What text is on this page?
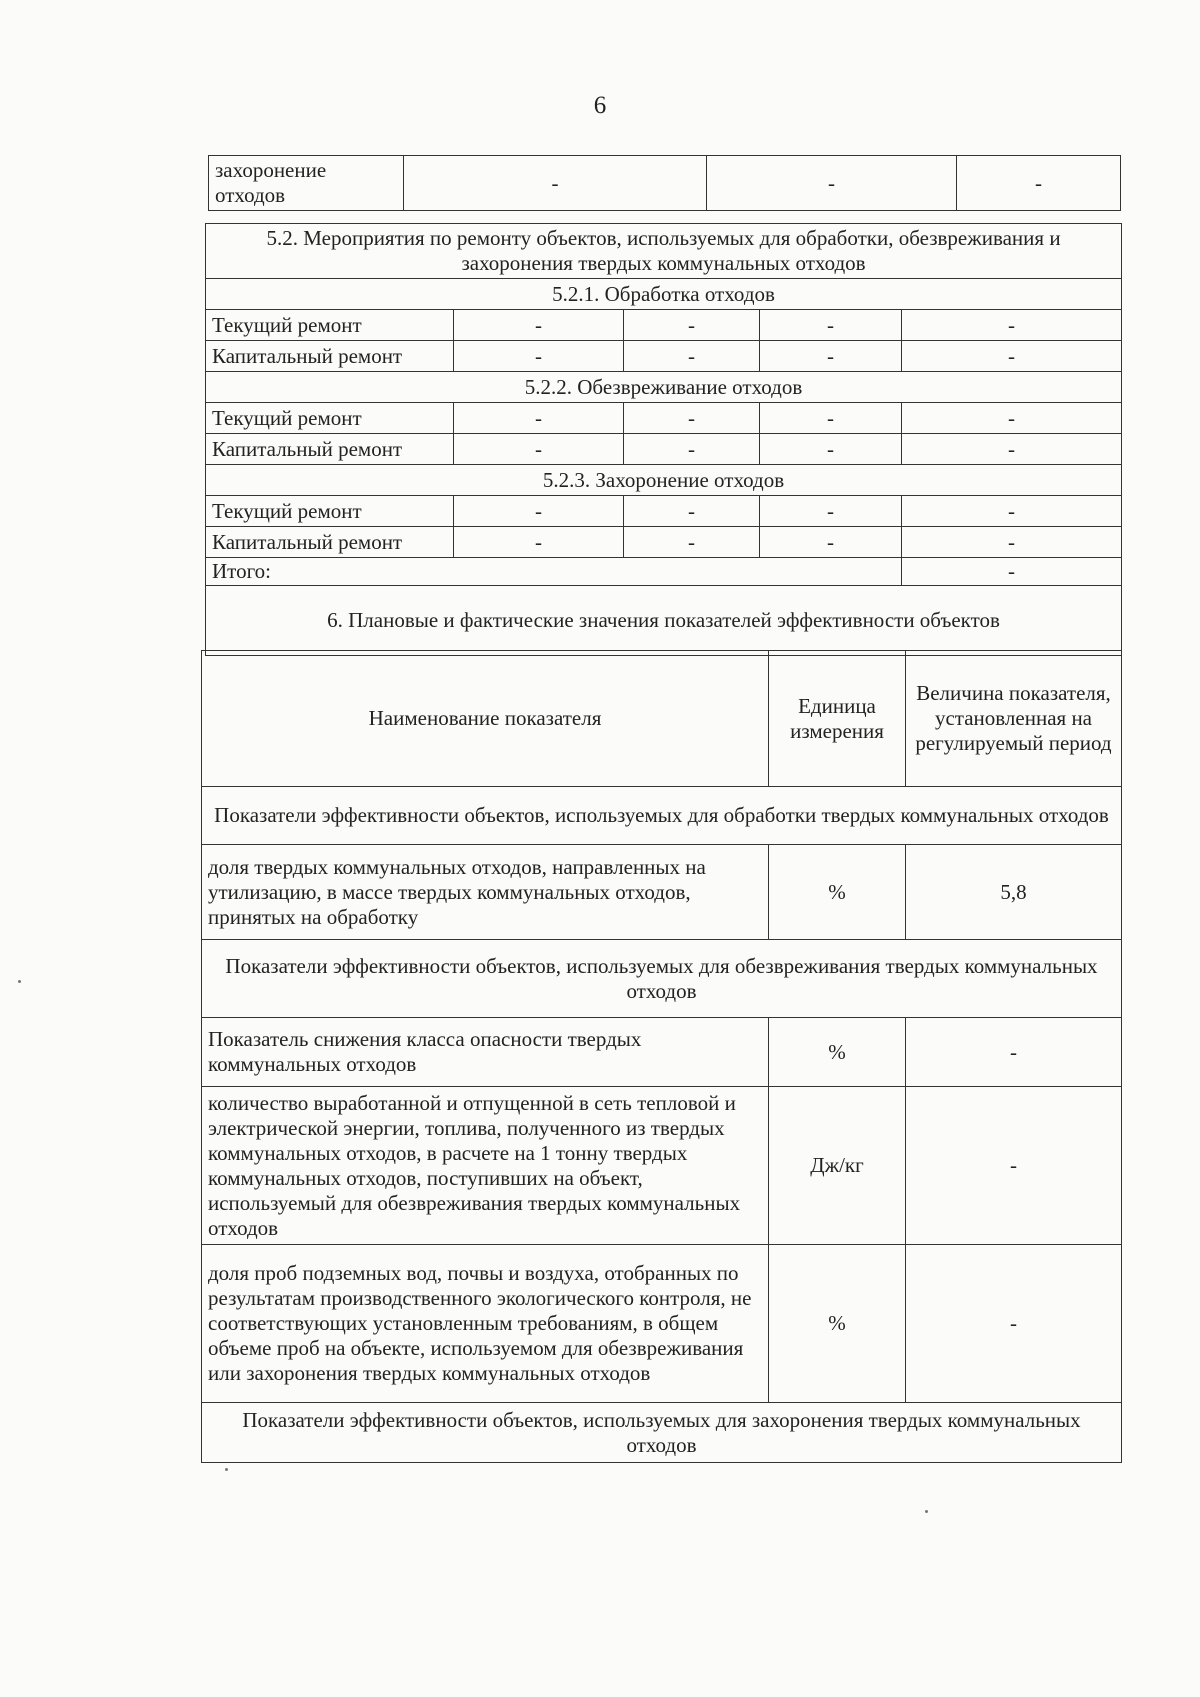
6
захоронение отходов	-	-	-
5.2. Мероприятия по ремонту объектов, используемых для обработки, обезвреживания и захоронения твердых коммунальных отходов				
5.2.1. Обработка отходов				
Текущий ремонт	-	-	-	-
Капитальный ремонт	-	-	-	-
5.2.2. Обезвреживание отходов				
Текущий ремонт	-	-	-	-
Капитальный ремонт	-	-	-	-
5.2.3. Захоронение отходов				
Текущий ремонт	-	-	-	-
Капитальный ремонт	-	-	-	-
Итого:				-
6. Плановые и фактические значения показателей эффективности объектов				
Наименование показателя	Единица измерения	Величина показателя, установленная на регулируемый период
Показатели эффективности объектов, используемых для обработки твердых коммунальных отходов		
доля твердых коммунальных отходов, направленных на утилизацию, в массе твердых коммунальных отходов, принятых на обработку	%	5,8
Показатели эффективности объектов, используемых для обезвреживания твердых коммунальных отходов		
Показатель снижения класса опасности твердых коммунальных отходов	%	-
количество выработанной и отпущенной в сеть тепловой и электрической энергии, топлива, полученного из твердых коммунальных отходов, в расчете на 1 тонну твердых коммунальных отходов, поступивших на объект, используемый для обезвреживания твердых коммунальных отходов	Дж/кг	-
доля проб подземных вод, почвы и воздуха, отобранных по результатам производственного экологического контроля, не соответствующих установленным требованиям, в общем объеме проб на объекте, используемом для обезвреживания или захоронения твердых коммунальных отходов	%	-
Показатели эффективности объектов, используемых для захоронения твердых коммунальных отходов		
